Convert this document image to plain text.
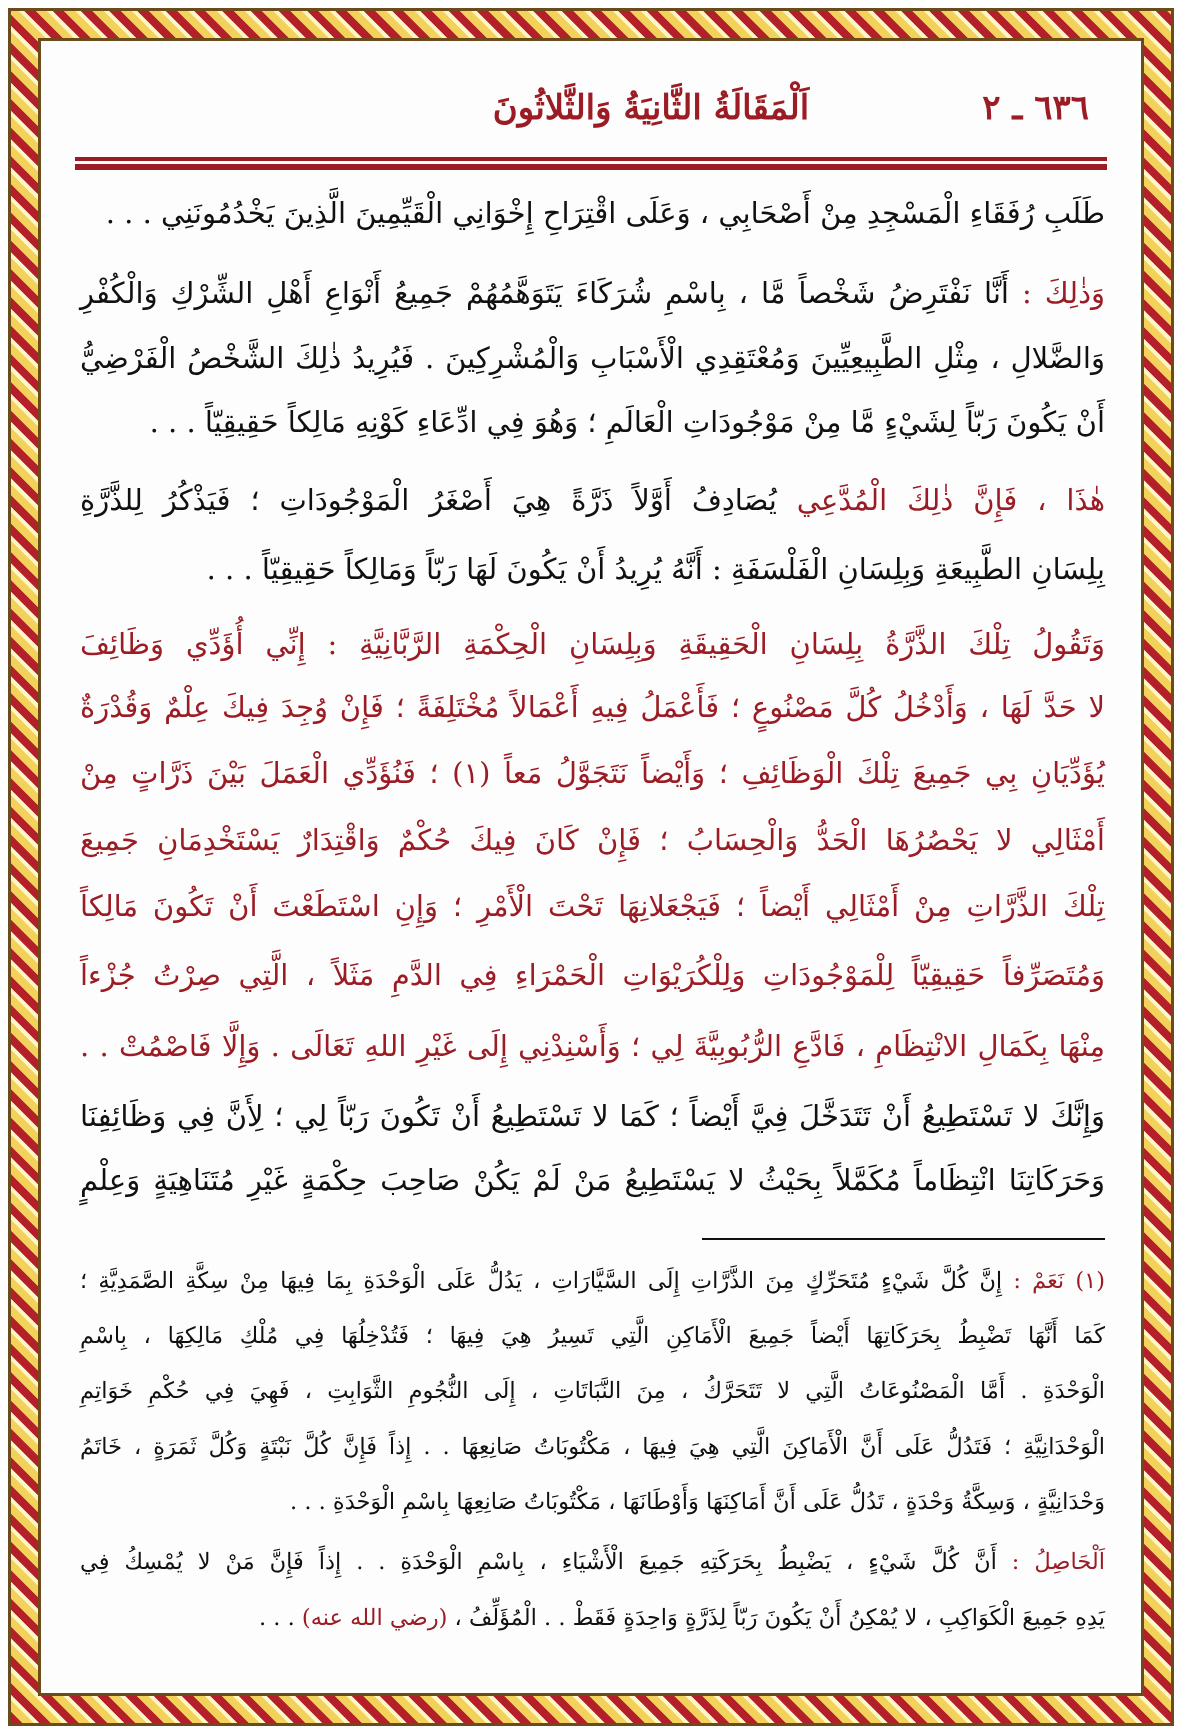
٦٣٦ ـ ٢
اَلْمَقَالَةُ الثَّانِيَةُ وَالثَّلاثُونَ
طَلَبِ رُفَقَاءِ الْمَسْجِدِ مِنْ أَصْحَابِي ، وَعَلَى اقْتِرَاحِ إِخْوَانِي الْقَيِّمِينَ الَّذِينَ يَخْدُمُونَنِي . . .
وَذٰلِكَ : أَنَّا نَفْتَرِضُ شَخْصاً مَّا ، بِاسْمِ شُرَكَاءَ يَتَوَهَّمُهُمْ جَمِيعُ أَنْوَاعِ أَهْلِ الشِّرْكِ وَالْكُفْرِ
وَالضَّلالِ ، مِثْلِ الطَّبِيعِيِّينَ وَمُعْتَقِدِي الْأَسْبَابِ وَالْمُشْرِكِينَ . فَيُرِيدُ ذٰلِكَ الشَّخْصُ الْفَرْضِيُّ
أَنْ يَكُونَ رَبّاً لِشَيْءٍ مَّا مِنْ مَوْجُودَاتِ الْعَالَمِ ؛ وَهُوَ فِي ادِّعَاءِ كَوْنِهِ مَالِكاً حَقِيقِيّاً . . .
هٰذَا ، فَإِنَّ ذٰلِكَ الْمُدَّعِي يُصَادِفُ أَوَّلاً ذَرَّةً هِيَ أَصْغَرُ الْمَوْجُودَاتِ ؛ فَيَذْكُرُ لِلذَّرَّةِ
بِلِسَانِ الطَّبِيعَةِ وَبِلِسَانِ الْفَلْسَفَةِ : أَنَّهُ يُرِيدُ أَنْ يَكُونَ لَهَا رَبّاً وَمَالِكاً حَقِيقِيّاً . . .
وَتَقُولُ تِلْكَ الذَّرَّةُ بِلِسَانِ الْحَقِيقَةِ وَبِلِسَانِ الْحِكْمَةِ الرَّبَّانِيَّةِ : إِنِّي أُؤَدِّي وَظَائِفَ
لا حَدَّ لَهَا ، وَأَدْخُلُ كُلَّ مَصْنُوعٍ ؛ فَأَعْمَلُ فِيهِ أَعْمَالاً مُخْتَلِفَةً ؛ فَإِنْ وُجِدَ فِيكَ عِلْمٌ وَقُدْرَةٌ
يُؤَدِّيَانِ بِي جَمِيعَ تِلْكَ الْوَظَائِفِ ؛ وَأَيْضاً نَتَجَوَّلُ مَعاً (١) ؛ فَنُؤَدِّي الْعَمَلَ بَيْنَ ذَرَّاتٍ مِنْ
أَمْثَالِي لا يَحْصُرُهَا الْحَدُّ وَالْحِسَابُ ؛ فَإِنْ كَانَ فِيكَ حُكْمٌ وَاقْتِدَارٌ يَسْتَخْدِمَانِ جَمِيعَ
تِلْكَ الذَّرَّاتِ مِنْ أَمْثَالِي أَيْضاً ؛ فَيَجْعَلانِهَا تَحْتَ الْأَمْرِ ؛ وَإِنِ اسْتَطَعْتَ أَنْ تَكُونَ مَالِكاً
وَمُتَصَرِّفاً حَقِيقِيّاً لِلْمَوْجُودَاتِ وَلِلْكُرَيْوَاتِ الْحَمْرَاءِ فِي الدَّمِ مَثَلاً ، الَّتِي صِرْتُ جُزْءاً
مِنْهَا بِكَمَالِ الانْتِظَامِ ، فَادَّعِ الرُّبُوبِيَّةَ لِي ؛ وَأَسْنِدْنِي إِلَى غَيْرِ اللهِ تَعَالَى . وَإِلَّا فَاصْمُتْ . .
وَإِنَّكَ لا تَسْتَطِيعُ أَنْ تَتَدَخَّلَ فِيَّ أَيْضاً ؛ كَمَا لا تَسْتَطِيعُ أَنْ تَكُونَ رَبّاً لِي ؛ لِأَنَّ فِي وَظَائِفِنَا
وَحَرَكَاتِنَا انْتِظَاماً مُكَمَّلاً بِحَيْثُ لا يَسْتَطِيعُ مَنْ لَمْ يَكُنْ صَاحِبَ حِكْمَةٍ غَيْرِ مُتَنَاهِيَةٍ وَعِلْمٍ
(١) نَعَمْ : إِنَّ كُلَّ شَيْءٍ مُتَحَرِّكٍ مِنَ الذَّرَّاتِ إِلَى السَّيَّارَاتِ ، يَدُلُّ عَلَى الْوَحْدَةِ بِمَا فِيهَا مِنْ سِكَّةِ الصَّمَدِيَّةِ ؛
كَمَا أَنَّهَا تَضْبِطُ بِحَرَكَاتِهَا أَيْضاً جَمِيعَ الْأَمَاكِنِ الَّتِي تَسِيرُ هِيَ فِيهَا ؛ فَتُدْخِلُهَا فِي مُلْكِ مَالِكِهَا ، بِاسْمِ
الْوَحْدَةِ . أَمَّا الْمَصْنُوعَاتُ الَّتِي لا تَتَحَرَّكُ ، مِنَ النَّبَاتَاتِ ، إِلَى النُّجُومِ الثَّوَابِتِ ، فَهِيَ فِي حُكْمِ خَوَاتِمِ
الْوَحْدَانِيَّةِ ؛ فَتَدُلُّ عَلَى أَنَّ الْأَمَاكِنَ الَّتِي هِيَ فِيهَا ، مَكْتُوبَاتُ صَانِعِهَا . . إِذاً فَإِنَّ كُلَّ نَبْتَةٍ وَكُلَّ ثَمَرَةٍ ، خَاتَمُ
وَحْدَانِيَّةٍ ، وَسِكَّةُ وَحْدَةٍ ، تَدُلُّ عَلَى أَنَّ أَمَاكِنَهَا وَأَوْطَانَهَا ، مَكْتُوبَاتُ صَانِعِهَا بِاسْمِ الْوَحْدَةِ . . .
اَلْحَاصِلُ : أَنَّ كُلَّ شَيْءٍ ، يَضْبِطُ بِحَرَكَتِهِ جَمِيعَ الْأَشْيَاءِ ، بِاسْمِ الْوَحْدَةِ . . إِذاً فَإِنَّ مَنْ لا يُمْسِكُ فِي
يَدِهِ جَمِيعَ الْكَوَاكِبِ ، لا يُمْكِنُ أَنْ يَكُونَ رَبّاً لِذَرَّةٍ وَاحِدَةٍ فَقَطْ . . الْمُؤَلِّفُ ، (رضي الله عنه) . . .
